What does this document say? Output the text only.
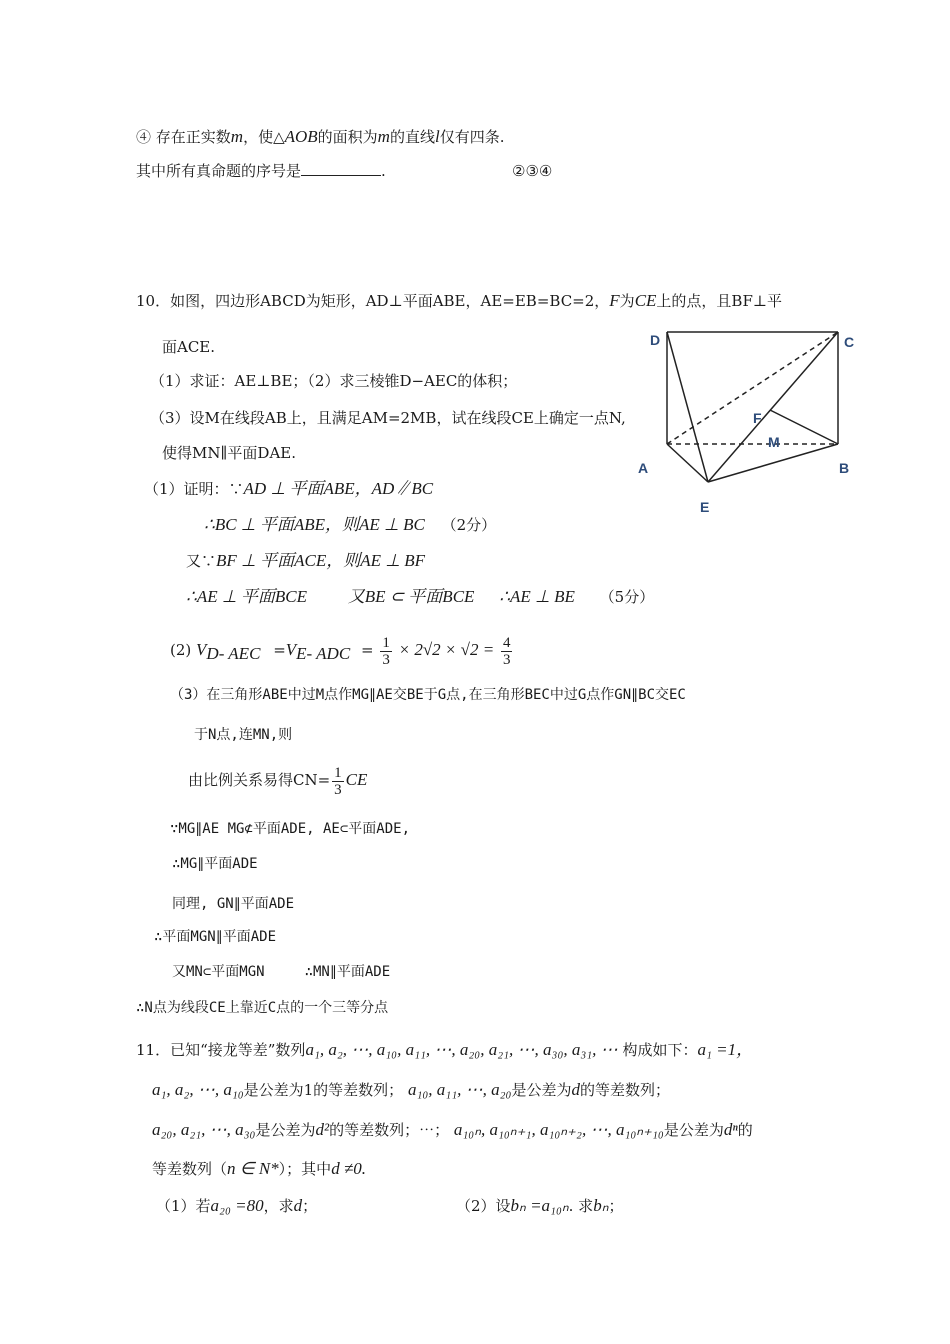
④ 存在正实数m，使△AOB的面积为m的直线l仅有四条.
其中所有真命题的序号是	.	②③④
10．如图，四边形ABCD为矩形，AD⊥平面ABE，AE=EB=BC=2，F为CE上的点，且BF⊥平
面ACE.
（1）求证：AE⊥BE；（2）求三棱锥D−AEC的体积；
（3）设M在线段AB上，且满足AM=2MB，试在线段CE上确定一点N,
使得MN∥平面DAE.
D	C
F
M
A	B
E
（1）证明：∵AD ⊥ 平面ABE，AD∥BC
∴BC ⊥ 平面ABE，则AE ⊥ BC （2分）
又∵BF ⊥ 平面ACE，则AE ⊥ BF
∴AE ⊥ 平面BCE 又BE ⊂ 平面BCE ∴AE ⊥ BE （5分）
(2) $V_{D- AEC} =V_{E- ADC} = \frac{1}{3} \times 2√2 \times √2 = \frac{4}{3}$
（3）在三角形ABE中过M点作MG∥AE交BE于G点,在三角形BEC中过G点作GN∥BC交EC
于N点,连MN,则
由比例关系易得$CN= \frac{1}{3}$ CE
∵MG∥AE MG⊄平面ADE, AE⊂平面ADE,
∴MG∥平面ADE
同理, GN∥平面ADE
∴平面MGN∥平面ADE
又MN⊂平面MGN	∴MN∥平面ADE
∴N点为线段CE上靠近C点的一个三等分点
11．已知“接龙等差”数列a₁, a₂, ⋯, a₁₀, a₁₁, ⋯, a₂₀, a₂₁, ⋯, a₃₀, a₃₁, ⋯ 构成如下：a₁ =1，
a₁, a₂, ⋯, a₁₀是公差为1的等差数列； a₁₀, a₁₁, ⋯, a₂₀是公差为d的等差数列；
a₂₀, a₂₁, ⋯, a₃₀是公差为d²的等差数列；⋯； a₁₀ₙ, a₁₀ₙ₊₁, a₁₀ₙ₊₂, ⋯, a₁₀ₙ₊₁₀是公差为dⁿ的
等差数列（n ∈ N*）；其中d ≠0.
（1）若a₂₀ =80，求d；	（2）设bₙ =a₁₀ₙ. 求bₙ；
